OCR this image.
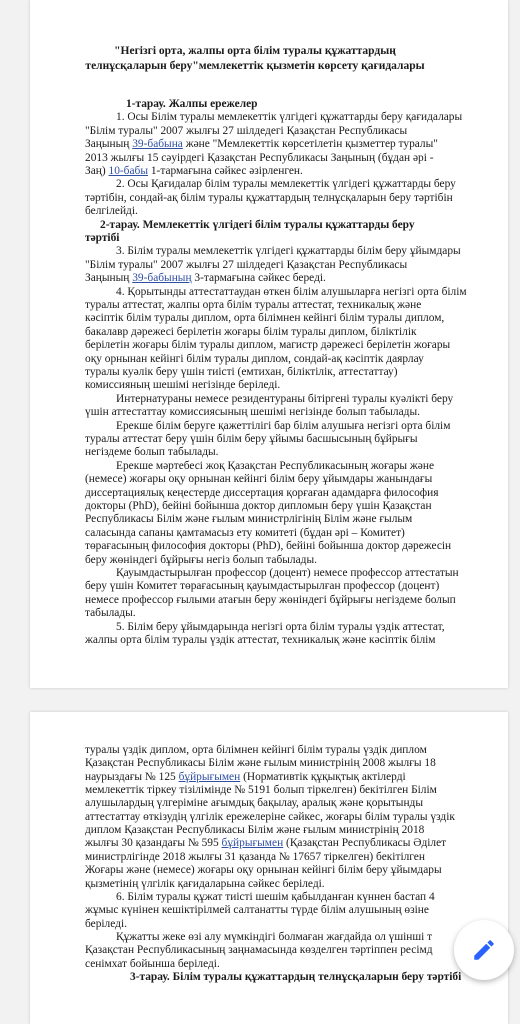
"Негізгі орта, жалпы орта білім туралы құжаттардың
телнұсқаларын беру"мемлекеттік қызметін көрсету қағидалары
1-тарау. Жалпы ережелер
1. Осы Білім туралы мемлекеттік үлгідегі құжаттарды беру қағидалары
"Білім туралы" 2007 жылғы 27 шілдедегі Қазақстан Республикасы
Заңының 39-бабына және "Мемлекеттік көрсетілетін қызметтер туралы"
2013 жылғы 15 сәуірдегі Қазақстан Республикасы Заңының (бұдан әрі -
Заң) 10-бабы 1-тармағына сәйкес әзірленген.
2. Осы Қағидалар білім туралы мемлекеттік үлгідегі құжаттарды беру
тәртібін, сондай-ақ білім туралы құжаттардың телнұсқаларын беру тәртібін
белгілейді.
2-тарау. Мемлекеттік үлгідегі білім туралы құжаттарды беру
тәртібі
3. Білім туралы мемлекеттік үлгідегі құжаттарды білім беру ұйымдары
"Білім туралы" 2007 жылғы 27 шілдедегі Қазақстан Республикасы
Заңының 39-бабының 3-тармағына сәйкес береді.
4. Қорытынды аттестаттаудан өткен білім алушыларға негізгі орта білім
туралы аттестат, жалпы орта білім туралы аттестат, техникалық және
кәсіптік білім туралы диплом, орта білімнен кейінгі білім туралы диплом,
бакалавр дәрежесі берілетін жоғары білім туралы диплом, біліктілік
берілетін жоғары білім туралы диплом, магистр дәрежесі берілетін жоғары
оқу орнынан кейінгі білім туралы диплом, сондай-ақ кәсіптік даярлау
туралы куәлік беру үшін тиісті (емтихан, біліктілік, аттестаттау)
комиссияның шешімі негізінде беріледі.
Интернатураны немесе резидентураны бітіргені туралы куәлікті беру
үшін аттестаттау комиссиясының шешімі негізінде болып табылады.
Ерекше білім беруге қажеттілігі бар білім алушыға негізгі орта білім
туралы аттестат беру үшін білім беру ұйымы басшысының бұйрығы
негіздеме болып табылады.
Ерекше мәртебесі жоқ Қазақстан Республикасының жоғары және
(немесе) жоғары оқу орнынан кейінгі білім беру ұйымдары жанындағы
диссертациялық кеңестерде диссертация қорғаған адамдарға философия
докторы (PhD), бейіні бойынша доктор дипломын беру үшін Қазақстан
Республикасы Білім және ғылым министрлігінің Білім және ғылым
саласында сапаны қамтамасыз ету комитеті (бұдан әрі – Комитет)
төрағасының философия докторы (PhD), бейіні бойынша доктор дәрежесін
беру жөніндегі бұйрығы негіз болып табылады.
Қауымдастырылған профессор (доцент) немесе профессор аттестатын
беру үшін Комитет төрағасының қауымдастырылған профессор (доцент)
немесе профессор ғылыми атағын беру жөніндегі бұйрығы негіздеме болып
табылады.
5. Білім беру ұйымдарында негізгі орта білім туралы үздік аттестат,
жалпы орта білім туралы үздік аттестат, техникалық және кәсіптік білім
туралы үздік диплом, орта білімнен кейінгі білім туралы үздік диплом
Қазақстан Республикасы Білім және ғылым министрінің 2008 жылғы 18
наурыздағы № 125 бұйрығымен (Нормативтік құқықтық актілерді
мемлекеттік тіркеу тізілімінде № 5191 болып тіркелген) бекітілген Білім
алушылардың үлгеріміне ағымдық бақылау, аралық және қорытынды
аттестаттау өткізудің үлгілік ережелеріне сәйкес, жоғары білім туралы үздік
диплом Қазақстан Республикасы Білім және ғылым министрінің 2018
жылғы 30 қазандағы № 595 бұйрығымен (Қазақстан Республикасы Әділет
министрлігінде 2018 жылғы 31 қазанда № 17657 тіркелген) бекітілген
Жоғары және (немесе) жоғары оқу орнынан кейінгі білім беру ұйымдары
қызметінің үлгілік қағидаларына сәйкес беріледі.
6. Білім туралы құжат тиісті шешім қабылданған күннен бастап 4
жұмыс күнінен кешіктірілмей салтанатты түрде білім алушының өзіне
беріледі.
Құжатты жеке өзі алу мүмкіндігі болмаған жағдайда ол үшінші т
Қазақстан Республикасының заңнамасында көзделген тәртіппен ресімд
сенімхат бойынша беріледі.
3-тарау. Білім туралы құжаттардың телнұсқаларын беру тәртібі
